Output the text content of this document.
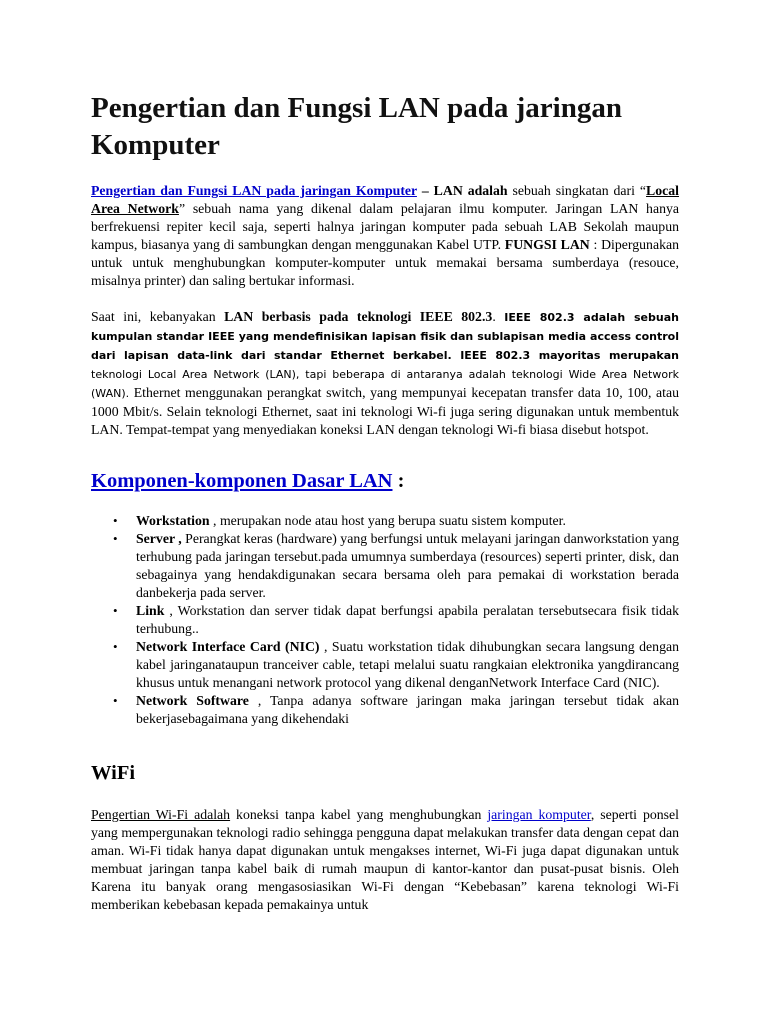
Pengertian dan Fungsi LAN pada jaringan Komputer

Pengertian dan Fungsi LAN pada jaringan Komputer – LAN adalah sebuah singkatan dari “Local Area Network” sebuah nama yang dikenal dalam pelajaran ilmu komputer. Jaringan LAN hanya berfrekuensi repiter kecil saja, seperti halnya jaringan komputer pada sebuah LAB Sekolah maupun kampus, biasanya yang di sambungkan dengan menggunakan Kabel UTP. FUNGSI LAN : Dipergunakan untuk untuk menghubungkan komputer-komputer untuk memakai bersama sumberdaya (resouce, misalnya printer) dan saling bertukar informasi.

Saat ini, kebanyakan LAN berbasis pada teknologi IEEE 802.3. IEEE 802.3 adalah sebuah kumpulan standar IEEE yang mendefinisikan lapisan fisik dan sublapisan media access control dari lapisan data-link dari standar Ethernet berkabel. IEEE 802.3 mayoritas merupakan teknologi Local Area Network (LAN), tapi beberapa di antaranya adalah teknologi Wide Area Network (WAN). Ethernet menggunakan perangkat switch, yang mempunyai kecepatan transfer data 10, 100, atau 1000 Mbit/s. Selain teknologi Ethernet, saat ini teknologi Wi-fi juga sering digunakan untuk membentuk LAN. Tempat-tempat yang menyediakan koneksi LAN dengan teknologi Wi-fi biasa disebut hotspot.

Komponen-komponen Dasar LAN :
• Workstation , merupakan node atau host yang berupa suatu sistem komputer.
• Server , Perangkat keras (hardware) yang berfungsi untuk melayani jaringan danworkstation yang terhubung pada jaringan tersebut.pada umumnya sumberdaya (resources) seperti printer, disk, dan sebagainya yang hendakdigunakan secara bersama oleh para pemakai di workstation berada danbekerja pada server.
• Link , Workstation dan server tidak dapat berfungsi apabila peralatan tersebutsecara fisik tidak terhubung..
• Network Interface Card (NIC) , Suatu workstation tidak dihubungkan secara langsung dengan kabel jaringanataupun tranceiver cable, tetapi melalui suatu rangkaian elektronika yangdirancang khusus untuk menangani network protocol yang dikenal denganNetwork Interface Card (NIC).
• Network Software , Tanpa adanya software jaringan maka jaringan tersebut tidak akan bekerjasebagaimana yang dikehendaki
WiFi

Pengertian Wi-Fi adalah koneksi tanpa kabel yang menghubungkan jaringan komputer, seperti ponsel yang mempergunakan teknologi radio sehingga pengguna dapat melakukan transfer data dengan cepat dan aman. Wi-Fi tidak hanya dapat digunakan untuk mengakses internet, Wi-Fi juga dapat digunakan untuk membuat jaringan tanpa kabel baik di rumah maupun di kantor-kantor dan pusat-pusat bisnis. Oleh Karena itu banyak orang mengasosiasikan Wi-Fi dengan “Kebebasan” karena teknologi Wi-Fi memberikan kebebasan kepada pemakainya untuk
